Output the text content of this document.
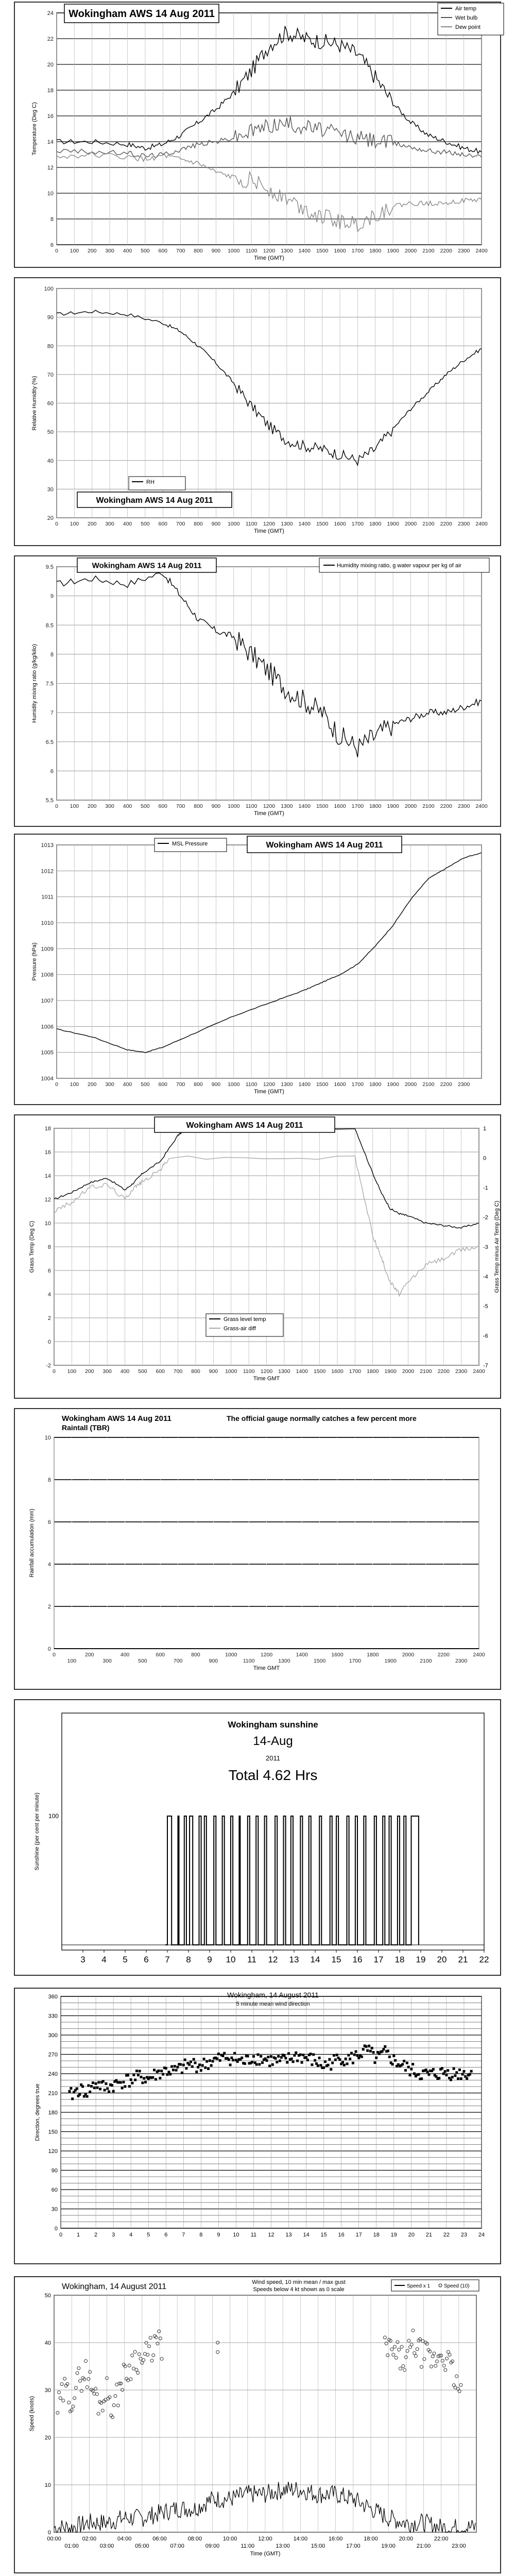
6
8
10
12
14
16
18
20
22
24
0 100 200 300 400 500 600 700 800 900 1000 1100 1200 1300 1400 1500 1600 1700 1800 1900 2000 2100 2200 2300 2400
Time (GMT)
Temperature (Deg C)
Wokingham AWS 14 Aug 2011	Air temp
Wet bulb
Dew point
20
30
40
50
60
70
80
90
100
0 100 200 300 400 500 600 700 800 900 1000 1100 1200 1300 1400 1500 1600 1700 1800 1900 2000 2100 2200 2300 2400
Time (GMT)
Relative Humidity (%)
RH
Wokingham AWS 14 Aug 2011
5.5
6
6.5
7
7.5
8
8.5
9
9.5
0 100 200 300 400 500 600 700 800 900 1000 1100 1200 1300 1400 1500 1600 1700 1800 1900 2000 2100 2200 2300 2400
Time (GMT)
Humidity mixing ratio (g/kg/kilo)
Wokingham AWS 14 Aug 2011	Humidity mixing ratio, g water vapour per kg of air
1004
1005
1006
1007
1008
1009
1010
1011
1012
1013
0 100 200 300 400 500 600 700 800 900 1000 1100 1200 1300 1400 1500 1600 1700 1800 1900 2000 2100 2200 2300
Time (GMT)
Pressure (hPa)
MSL Pressure	Wokingham AWS 14 Aug 2011
-2
0
2
4
6
8
10
12
14
16
18
0 100 200 300 400 500 600 700 800 900 1000 1100 1200 1300 1400 1500 1600 1700 1800 1900 2000 2100 2200 2300 2400
Time GMT
Grass Temp (Deg C)
-7
-6
-5
-4
-3
-2
-1
0
1
Grass Temp minus Air Temp (Deg C)
Wokingham AWS 14 Aug 2011
Grass level temp
Grass-air diff
0
2
4
6
8
10
0	200	400	600	800	1000	1200	1400	1600	1800	2000	2200	2400
100	300	500	700	900	1100	1300	1500	1700	1900	2100	2300
Time GMT
Rainfall accumulation (mm)
Wokingham AWS 14 Aug 2011
Raintall (TBR)
The official gauge normally catches a few percent more
3 4 5 6 7 8 9 10 11 12 13 14 15 16 17 18 19 20 21 22
100
Sunshine (per cent per minute)
Wokingham sunshine
14-Aug
2011
Total 4.62 Hrs
0
30
60
90
120
150
180
210
240
270
300
330
360
0	1	2	3	4	5	6	7	8	9 10 11 12 13 14 15 16 17 18 19 20 21 22 23 24
Direction, degrees true
Wokingham, 14 August 2011
5 minute mean wind direction
0
10
20
30
40
50
00:00	02:00	04:00	06:00	08:00	10:00	12:00	14:00	16:00	18:00	20:00	22:00
01:00	03:00	05:00	07:00	09:00	11:00	13:00	15:00	17:00	19:00	21:00	23:00
Time (GMT)
Speed (knots)
Wokingham, 14 August 2011	Wind speed, 10 min mean / max gust
Speeds below 4 kt shown as 0 scale
Speed x 1	Speed (10)
